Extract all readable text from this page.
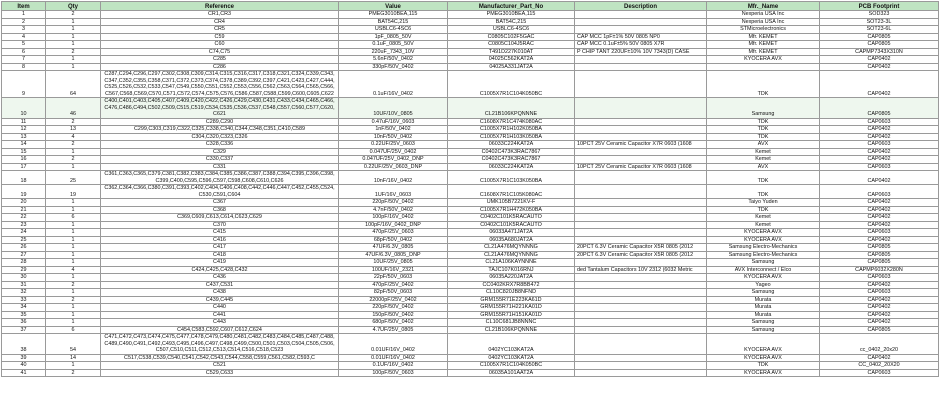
Item	Qty	Reference	Value	Manufacturer_Part_No	Description	Mfr._Name	PCB Footprint
1	2	CR1,CR3	PMEG3010BEA,115	PMEG3010BEA,115		Nexperia USA Inc	SOD323
2	1	CR4	BAT54C,215	BAT54C,215		Nexperia USA Inc	SOT23-3L
3	1	CR5	USBLC6-4SC6	USBLC6-4SC6		STMicroelectronics	SOT23-6L
4	1	C59	1pF_0805_50V	C0805C102F5GAC	CAP MCC 1pF±1% 50V 0805 NP0	Mfr. KEMET	CAP0805
5	1	C60	0.1uF_0805_50V	C0805C104J5RAC	CAP MCC 0.1uF±5% 50V 0805 X7R	Mfr. KEMET	CAP0805
6	2	C74,C75	220uF_7343_10V	T491D227K010AT	P CHIP TANT 220UF±10% 10V 7343(D) CASE	Mfr. KEMET	CAPMP7343X310N
7	1	C285	5.6nF/50V_0402	04025C562KAT2A		KYOCERA AVX	CAP0402
8	1	C286	330pF/50V_0402	04025A331JAT2A			CAP0402
9	64	C287,C294,C296,C297,C302,C308,C309,C314,C315,C316,C317,C318,C321,C324,C339,C343,C347,C352,C355,C358,C371,C372,C373,C374,C378,C389,C392,C397,C421,C423,C427,C444,C525,C526,C532,C533,C547,C549,C550,C551,C552,C553,C556,C562,C563,C564,C565,C566,C567,C568,C569,C570,C571,C572,C574,C575,C576,C586,C587,C588,C599,C600,C605,C622	0.1uF/16V_0402	C1005X7R1C104K050BC		TDK	CAP0402
10	46	C400,C401,C403,C405,C407,C409,C420,C422,C426,C429,C430,C431,C433,C434,C465,C466,C476,C486,C494,C502,C509,C515,C519,C534,C535,C536,C537,C548,C557,C560,C577,C620,C621	10UF/10V_0805	CL21B106KPQNNNE		Samsung	CAP0805
11	2	C289,C290	0.47uF/16V_0603	C1608X7R1C474K080AC		TDK	CAP0603
12	13	C299,C303,C319,C322,C325,C338,C340,C344,C348,C351,C410,C589	1nF/50V_0402	C1005X7R1H102K050BA		TDK	CAP0402
13	4	C304,C320,C323,C326	10nF/50V_0402	C1005X7R1H103K050BA		TDK	CAP0402
14	2	C328,C336	0.22UF/25V_0603	06033C224KAT2A	10PCT 25V Ceramic Capacitor X7R 0603 (1608	AVX	CAP0603
15	1	C329	0.047UF/25V_0402	C0402C473K3RAC7867		Kemet	CAP0402
16	2	C330,C337	0.047UF/25V_0402_DNP	C0402C473K3RAC7867		Kemet	CAP0402
17	1	C331	0.22UF/25V_0603_DNP	06033C224KAT2A	10PCT 25V Ceramic Capacitor X7R 0603 (1608	AVX	CAP0603
18	25	C361,C363,C365,C379,C381,C382,C383,C384,C385,C386,C387,C388,C394,C395,C396,C398,C399,C400,C595,C596,C597,C598,C608,C610,C626	10nF/16V_0402	C1005X7R1C103K050BA		TDK	CAP0402
19	19	C362,C364,C366,C380,C391,C393,C402,C404,C406,C408,C442,C446,C447,C452,C455,C524,C530,C591,C604	1UF/16V_0603	C1608X7R1C105K080AC		TDK	CAP0603
20	1	C367	220pF/50V_0402	UMK105B7221KV-F		Taiyo Yuden	CAP0402
21	1	C368	4.7nF/50V_0402	C1005X7R1H472K050BA		TDK	CAP0402
22	6	C369,C609,C613,C614,C623,C629	100pF/16V_0402	C0402C101K5RACAUTO		Kemet	CAP0402
23	1	C370	100pF/16V_0402_DNP	C0402C101K5RACAUTO		Kemet	CAP0402
24	1	C415	470pF/25V_0603	06033A471JAT2A		KYOCERA AVX	CAP0603
25	1	C416	68pF/50V_0402	06035A680JAT2A		KYOCERA AVX	CAP0402
26	1	C417	47UF/6.3V_0805	CL21A476MQYNNNG	20PCT 6.3V Ceramic Capacitor X5R 0805 (2012	Samsung Electro-Mechanics	CAP0805
27	1	C418	47UF/6.3V_0805_DNP	CL21A476MQYNNNG	20PCT 6.3V Ceramic Capacitor X5R 0805 (2012	Samsung Electro-Mechanics	CAP0805
28	1	C419	10UF/25V_0805	CL21A106KAYNNNE		Samsung	CAP0805
29	4	C424,C425,C428,C432	100UF/16V_2321	TAJC107K016RNJ	ded Tantalum Capacitors 10V 2312 (6032 Metric	AVX Interconnect / Elco	CAPMP6032X280N
30	1	C436	22pF/50V_0603	06035A220JAT2A		KYOCERA AVX	CAP0603
31	2	C437,C531	470pF/25V_0402	CC0402KRX7R8BB472		Yageo	CAP0402
32	1	C438	82pF/50V_0603	CL10C820JB8NFND		Samsung	CAP0603
33	2	C439,C445	22000pF/25V_0402	GRM155R71E223KA61D		Murata	CAP0402
34	1	C440	220pF/50V_0402	GRM155R71H221KA01D		Murata	CAP0402
35	1	C441	150pF/50V_0402	GRM155R71H151KA01D		Murata	CAP0402
36	1	C443	680pF/50V_0402	CL10C681JB8NNNC		Samsung	CAP0402
37	6	C454,C583,C592,C607,C612,C624	4.7UF/25V_0805	CL21B106KPQNNNE		Samsung	CAP0805
38	54	C471,C472,C473,C474,C475,C477,C478,C479,C480,C481,C482,C483,C484,C485,C487,C488,C489,C490,C491,C492,C493,C495,C496,C497,C498,C499,C500,C501,C503,C504,C505,C506,C507,C510,C511,C512,C513,C514,C516,C518,C523	0.01UF/16V_0402	0402YC103KAT2A		KYOCERA AVX	cc_0402_20x20
39	14	C517,C538,C539,C540,C541,C542,C543,C544,C558,C559,C561,C582,C593,C	0.01UF/16V_0402	0402YC103KAT2A		KYOCERA AVX	CAP0402
40	1	C521	0.1UF/16V_0402	C1005X7R1C104K050BC		TDK	CC_0402_20X20
41	2	C529,C633	100pF/50V_0603	06035A101AAT2A		KYOCERA AVX	CAP0603
